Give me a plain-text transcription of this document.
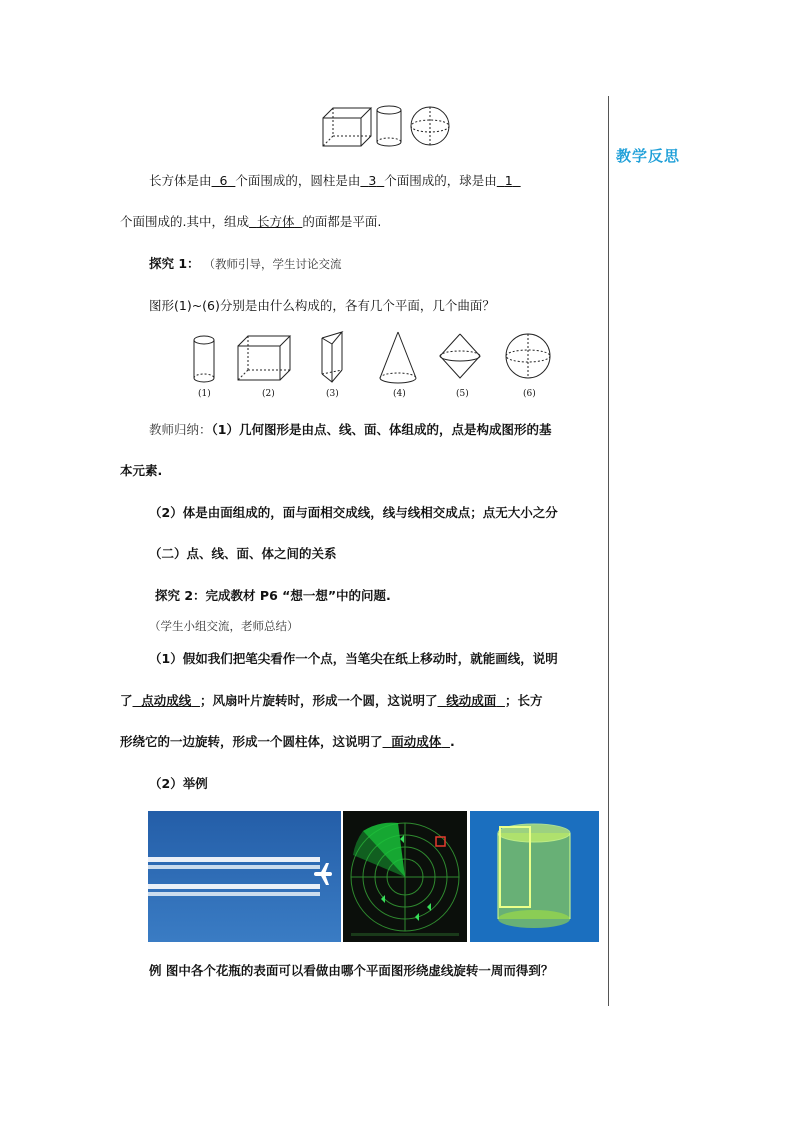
教学反思
长方体是由 6 个面围成的，圆柱是由 3 个面围成的，球是由 1
个面围成的.其中，组成 长方体 的面都是平面.
探究 1： （教师引导，学生讨论交流
图形(1)~(6)分别是由什么构成的，各有几个平面，几个曲面？
(1)	(2)	(3)	(4)	(5)	(6)
教师归纳：（1）几何图形是由点、线、面、体组成的，点是构成图形的基
本元素.
（2）体是由面组成的，面与面相交成线，线与线相交成点；点无大小之分
（二）点、线、面、体之间的关系
探究 2：完成教材 P6 “想一想”中的问题.
（学生小组交流，老师总结）
（1）假如我们把笔尖看作一个点，当笔尖在纸上移动时，就能画线，说明
了 点动成线 ；风扇叶片旋转时，形成一个圆，这说明了 线动成面 ；长方
形绕它的一边旋转，形成一个圆柱体，这说明了 面动成体 .
（2）举例
例 图中各个花瓶的表面可以看做由哪个平面图形绕虚线旋转一周而得到？
